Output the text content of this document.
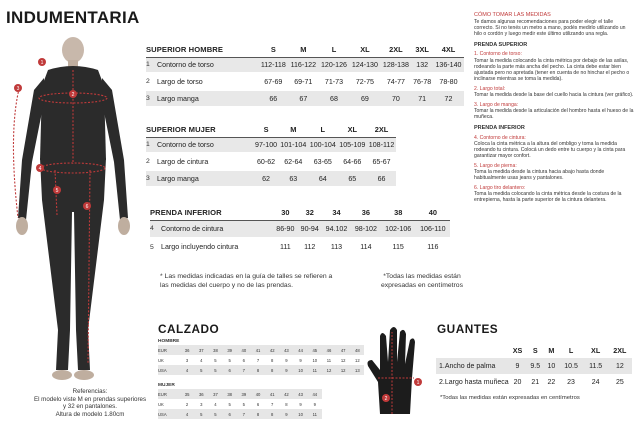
INDUMENTARIA
1
2
3
4
5
6
Referencias:
El modelo viste M en prendas superiores
y 32 en pantalones.
Altura de modelo 1.80cm
SUPERIOR HOMBRE		S	M	L	XL	2XL	3XL	4XL
1	Contorno de torso	112-118	116-122	120-126	124-130	128-138	132	136-140
2	Largo de torso	67-69	69-71	71-73	72-75	74-77	76-78	78-80
3	Largo manga	66	67	68	69	70	71	72
SUPERIOR MUJER		S	M	L	XL	2XL
1	Contorno de torso	97-100	101-104	100-104	105-109	108-112
2	Largo de cintura	60-62	62-64	63-65	64-66	65-67
3	Largo manga	62	63	64	65	66
PRENDA INFERIOR		30	32	34	36	38	40
4	Contorno de cintura	86-90	90-94	94.102	98-102	102-106	106-110
5	Largo incluyendo cintura	111	112	113	114	115	116
* Las medidas indicadas en la guía de talles se refieren a las medidas del cuerpo y no de las prendas.
*Todas las medidas están expresadas en centímetros
CALZADO
HOMBRE
EUR	36	37	38	39	40	41	42	43	44	45	46	47	48
UK	3	4	5	5	6	7	8	9	9	10	11	12	12
USA	4	5	5	6	7	8	8	9	10	11	12	12	13
MUJER
EUR	35	36	37	38	39	40	41	42	43	44
UK	2	3	4	5	5	6	7	8	9	9
USA	4	5	5	6	7	8	8	9	10	11
1
2
GUANTES
	XS	S	M	L	XL	2XL
1.Ancho de palma	9	9.5	10	10.5	11.5	12
2.Largo hasta muñeca	20	21	22	23	24	25
*Todas las medidas están expresadas en centímetros
CÓMO TOMAR LAS MEDIDAS
Te damos algunas recomendaciones para poder elegir el talle correcto. Si no tenés un metro a mano, podés medirlo utilizando un hilo o cordón y luego medir este último utilizando una regla.
PRENDA SUPERIOR
1. Contorno de torso:
Tomar la medida colocando la cinta métrica por debajo de las axilas, rodeando la parte más ancha del pecho. La cinta debe estar bien ajustada pero no apretada (tener en cuenta de no hinchar el pecho o inclinarse mientras se toma la medida).
2. Largo total:
Tomar la medida desde la base del cuello hacia la cintura (ver gráfico).
3. Largo de manga:
Tomar la medida desde la articulación del hombro hasta el hueso de la muñeca.
PRENDA INFERIOR
4. Contorno de cintura:
Coloca la cinta métrica a la altura del ombligo y toma la medida rodeando tu cintura. Colocá un dedo entre tu cuerpo y la cinta para garantizar mayor confort.
5. Largo de pierna:
Toma la medida desde la cintura hacia abajo hasta donde habitualmente usas jeans y pantalones.
6. Largo tiro delantero:
Toma la medida colocando la cinta métrica desde la costura de la entrepierna, hasta la parte superior de la cintura delantera.
